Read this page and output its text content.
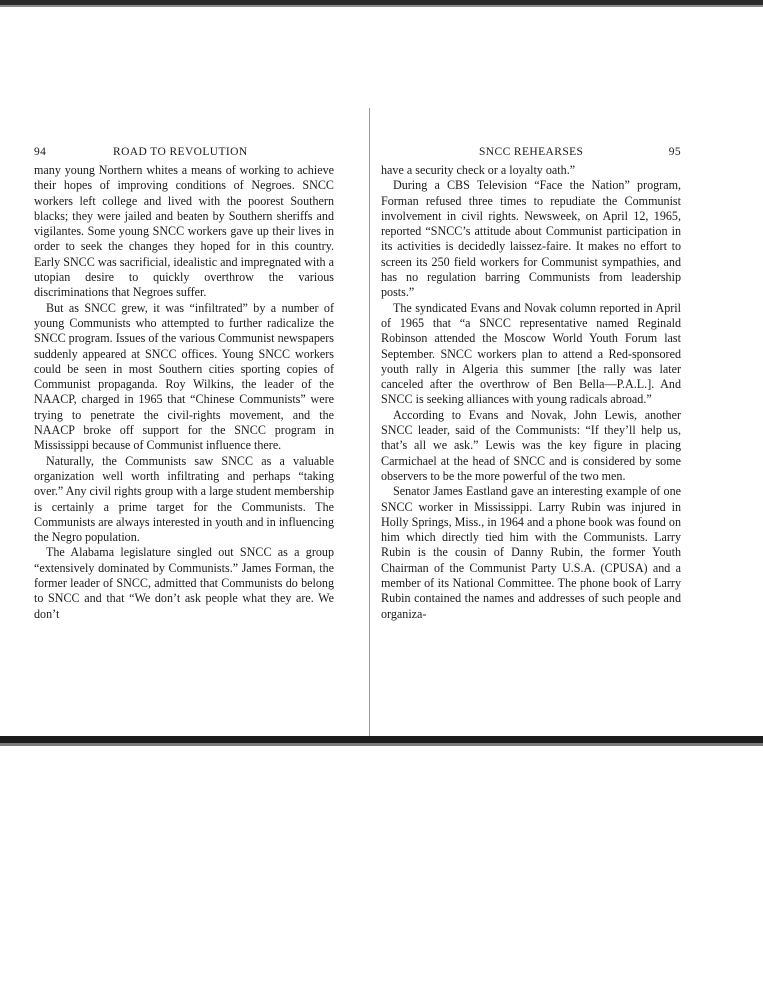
94	ROAD TO REVOLUTION

many young Northern whites a means of working to achieve their hopes of improving conditions of Negroes. SNCC workers left college and lived with the poorest Southern blacks; they were jailed and beaten by Southern sheriffs and vigilantes. Some young SNCC workers gave up their lives in order to seek the changes they hoped for in this country. Early SNCC was sacrificial, idealistic and impregnated with a utopian desire to quickly overthrow the various discriminations that Negroes suffer.

But as SNCC grew, it was “infiltrated” by a number of young Communists who attempted to further radicalize the SNCC program. Issues of the various Communist newspapers suddenly appeared at SNCC offices. Young SNCC workers could be seen in most Southern cities sporting copies of Communist propaganda. Roy Wilkins, the leader of the NAACP, charged in 1965 that “Chinese Communists” were trying to penetrate the civil-rights movement, and the NAACP broke off support for the SNCC program in Mississippi because of Communist influence there.

Naturally, the Communists saw SNCC as a valuable organization well worth infiltrating and perhaps “taking over.” Any civil rights group with a large student membership is certainly a prime target for the Communists. The Communists are always interested in youth and in influencing the Negro population.

The Alabama legislature singled out SNCC as a group “extensively dominated by Communists.” James Forman, the former leader of SNCC, admitted that Communists do belong to SNCC and that “We don’t ask people what they are. We don’t

SNCC REHEARSES	95

have a security check or a loyalty oath.”

During a CBS Television “Face the Nation” program, Forman refused three times to repudiate the Communist involvement in civil rights. Newsweek, on April 12, 1965, reported “SNCC’s attitude about Communist participation in its activities is decidedly laissez-faire. It makes no effort to screen its 250 field workers for Communist sympathies, and has no regulation barring Communists from leadership posts.”

The syndicated Evans and Novak column reported in April of 1965 that “a SNCC representative named Reginald Robinson attended the Moscow World Youth Forum last September. SNCC workers plan to attend a Red-sponsored youth rally in Algeria this summer [the rally was later canceled after the overthrow of Ben Bella—P.A.L.]. And SNCC is seeking alliances with young radicals abroad.”

According to Evans and Novak, John Lewis, another SNCC leader, said of the Communists: “If they’ll help us, that’s all we ask.” Lewis was the key figure in placing Carmichael at the head of SNCC and is considered by some observers to be the more powerful of the two men.

Senator James Eastland gave an interesting example of one SNCC worker in Mississippi. Larry Rubin was injured in Holly Springs, Miss., in 1964 and a phone book was found on him which directly tied him with the Communists. Larry Rubin is the cousin of Danny Rubin, the former Youth Chairman of the Communist Party U.S.A. (CPUSA) and a member of its National Committee. The phone book of Larry Rubin contained the names and addresses of such people and organiza-
